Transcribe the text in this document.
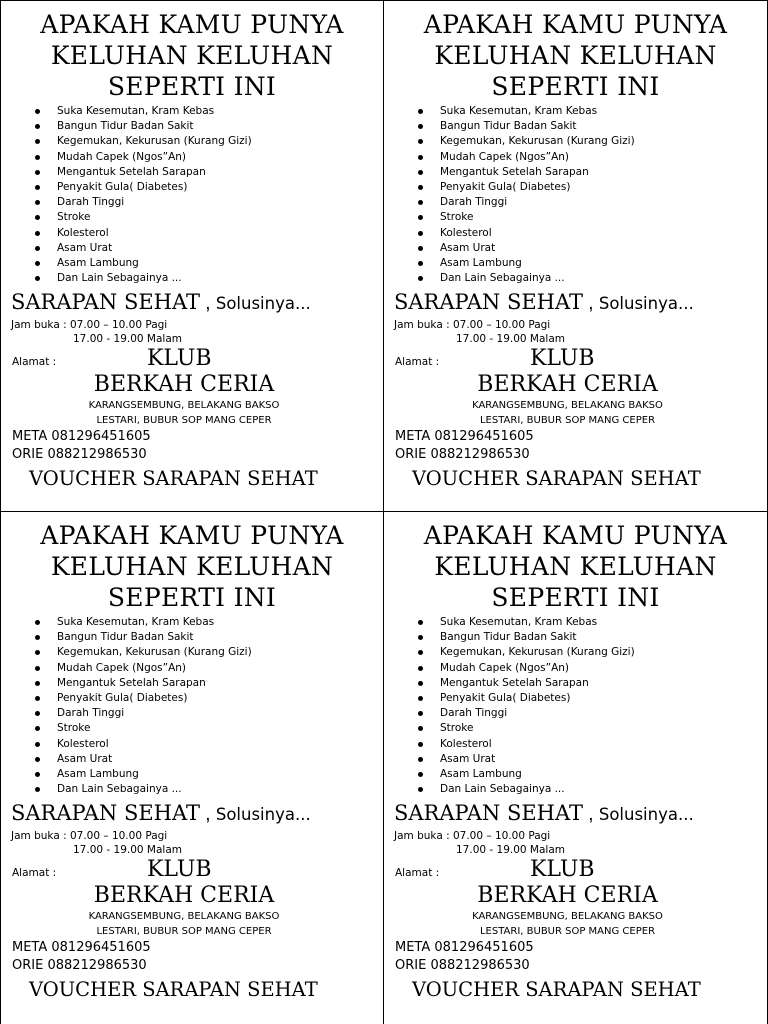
APAKAH KAMU PUNYA
KELUHAN KELUHAN
SEPERTI INI
Suka Kesemutan, Kram Kebas
Bangun Tidur Badan Sakit
Kegemukan, Kekurusan (Kurang Gizi)
Mudah Capek (Ngos”An)
Mengantuk Setelah Sarapan
Penyakit Gula( Diabetes)
Darah Tinggi
Stroke
Kolesterol
Asam Urat
Asam Lambung
Dan Lain Sebagainya ...
SARAPAN SEHAT , Solusinya...
Jam buka : 07.00 – 10.00 Pagi
17.00 - 19.00 Malam
Alamat :	KLUB
BERKAH CERIA
KARANGSEMBUNG, BELAKANG BAKSO
LESTARI, BUBUR SOP MANG CEPER
META 081296451605
ORIE 088212986530
VOUCHER SARAPAN SEHAT
APAKAH KAMU PUNYA
KELUHAN KELUHAN
SEPERTI INI
Suka Kesemutan, Kram Kebas
Bangun Tidur Badan Sakit
Kegemukan, Kekurusan (Kurang Gizi)
Mudah Capek (Ngos”An)
Mengantuk Setelah Sarapan
Penyakit Gula( Diabetes)
Darah Tinggi
Stroke
Kolesterol
Asam Urat
Asam Lambung
Dan Lain Sebagainya ...
SARAPAN SEHAT , Solusinya...
Jam buka : 07.00 – 10.00 Pagi
17.00 - 19.00 Malam
Alamat :	KLUB
BERKAH CERIA
KARANGSEMBUNG, BELAKANG BAKSO
LESTARI, BUBUR SOP MANG CEPER
META 081296451605
ORIE 088212986530
VOUCHER SARAPAN SEHAT
APAKAH KAMU PUNYA
KELUHAN KELUHAN
SEPERTI INI
Suka Kesemutan, Kram Kebas
Bangun Tidur Badan Sakit
Kegemukan, Kekurusan (Kurang Gizi)
Mudah Capek (Ngos”An)
Mengantuk Setelah Sarapan
Penyakit Gula( Diabetes)
Darah Tinggi
Stroke
Kolesterol
Asam Urat
Asam Lambung
Dan Lain Sebagainya ...
SARAPAN SEHAT , Solusinya...
Jam buka : 07.00 – 10.00 Pagi
17.00 - 19.00 Malam
Alamat :	KLUB
BERKAH CERIA
KARANGSEMBUNG, BELAKANG BAKSO
LESTARI, BUBUR SOP MANG CEPER
META 081296451605
ORIE 088212986530
VOUCHER SARAPAN SEHAT
APAKAH KAMU PUNYA
KELUHAN KELUHAN
SEPERTI INI
Suka Kesemutan, Kram Kebas
Bangun Tidur Badan Sakit
Kegemukan, Kekurusan (Kurang Gizi)
Mudah Capek (Ngos”An)
Mengantuk Setelah Sarapan
Penyakit Gula( Diabetes)
Darah Tinggi
Stroke
Kolesterol
Asam Urat
Asam Lambung
Dan Lain Sebagainya ...
SARAPAN SEHAT , Solusinya...
Jam buka : 07.00 – 10.00 Pagi
17.00 - 19.00 Malam
Alamat :	KLUB
BERKAH CERIA
KARANGSEMBUNG, BELAKANG BAKSO
LESTARI, BUBUR SOP MANG CEPER
META 081296451605
ORIE 088212986530
VOUCHER SARAPAN SEHAT
